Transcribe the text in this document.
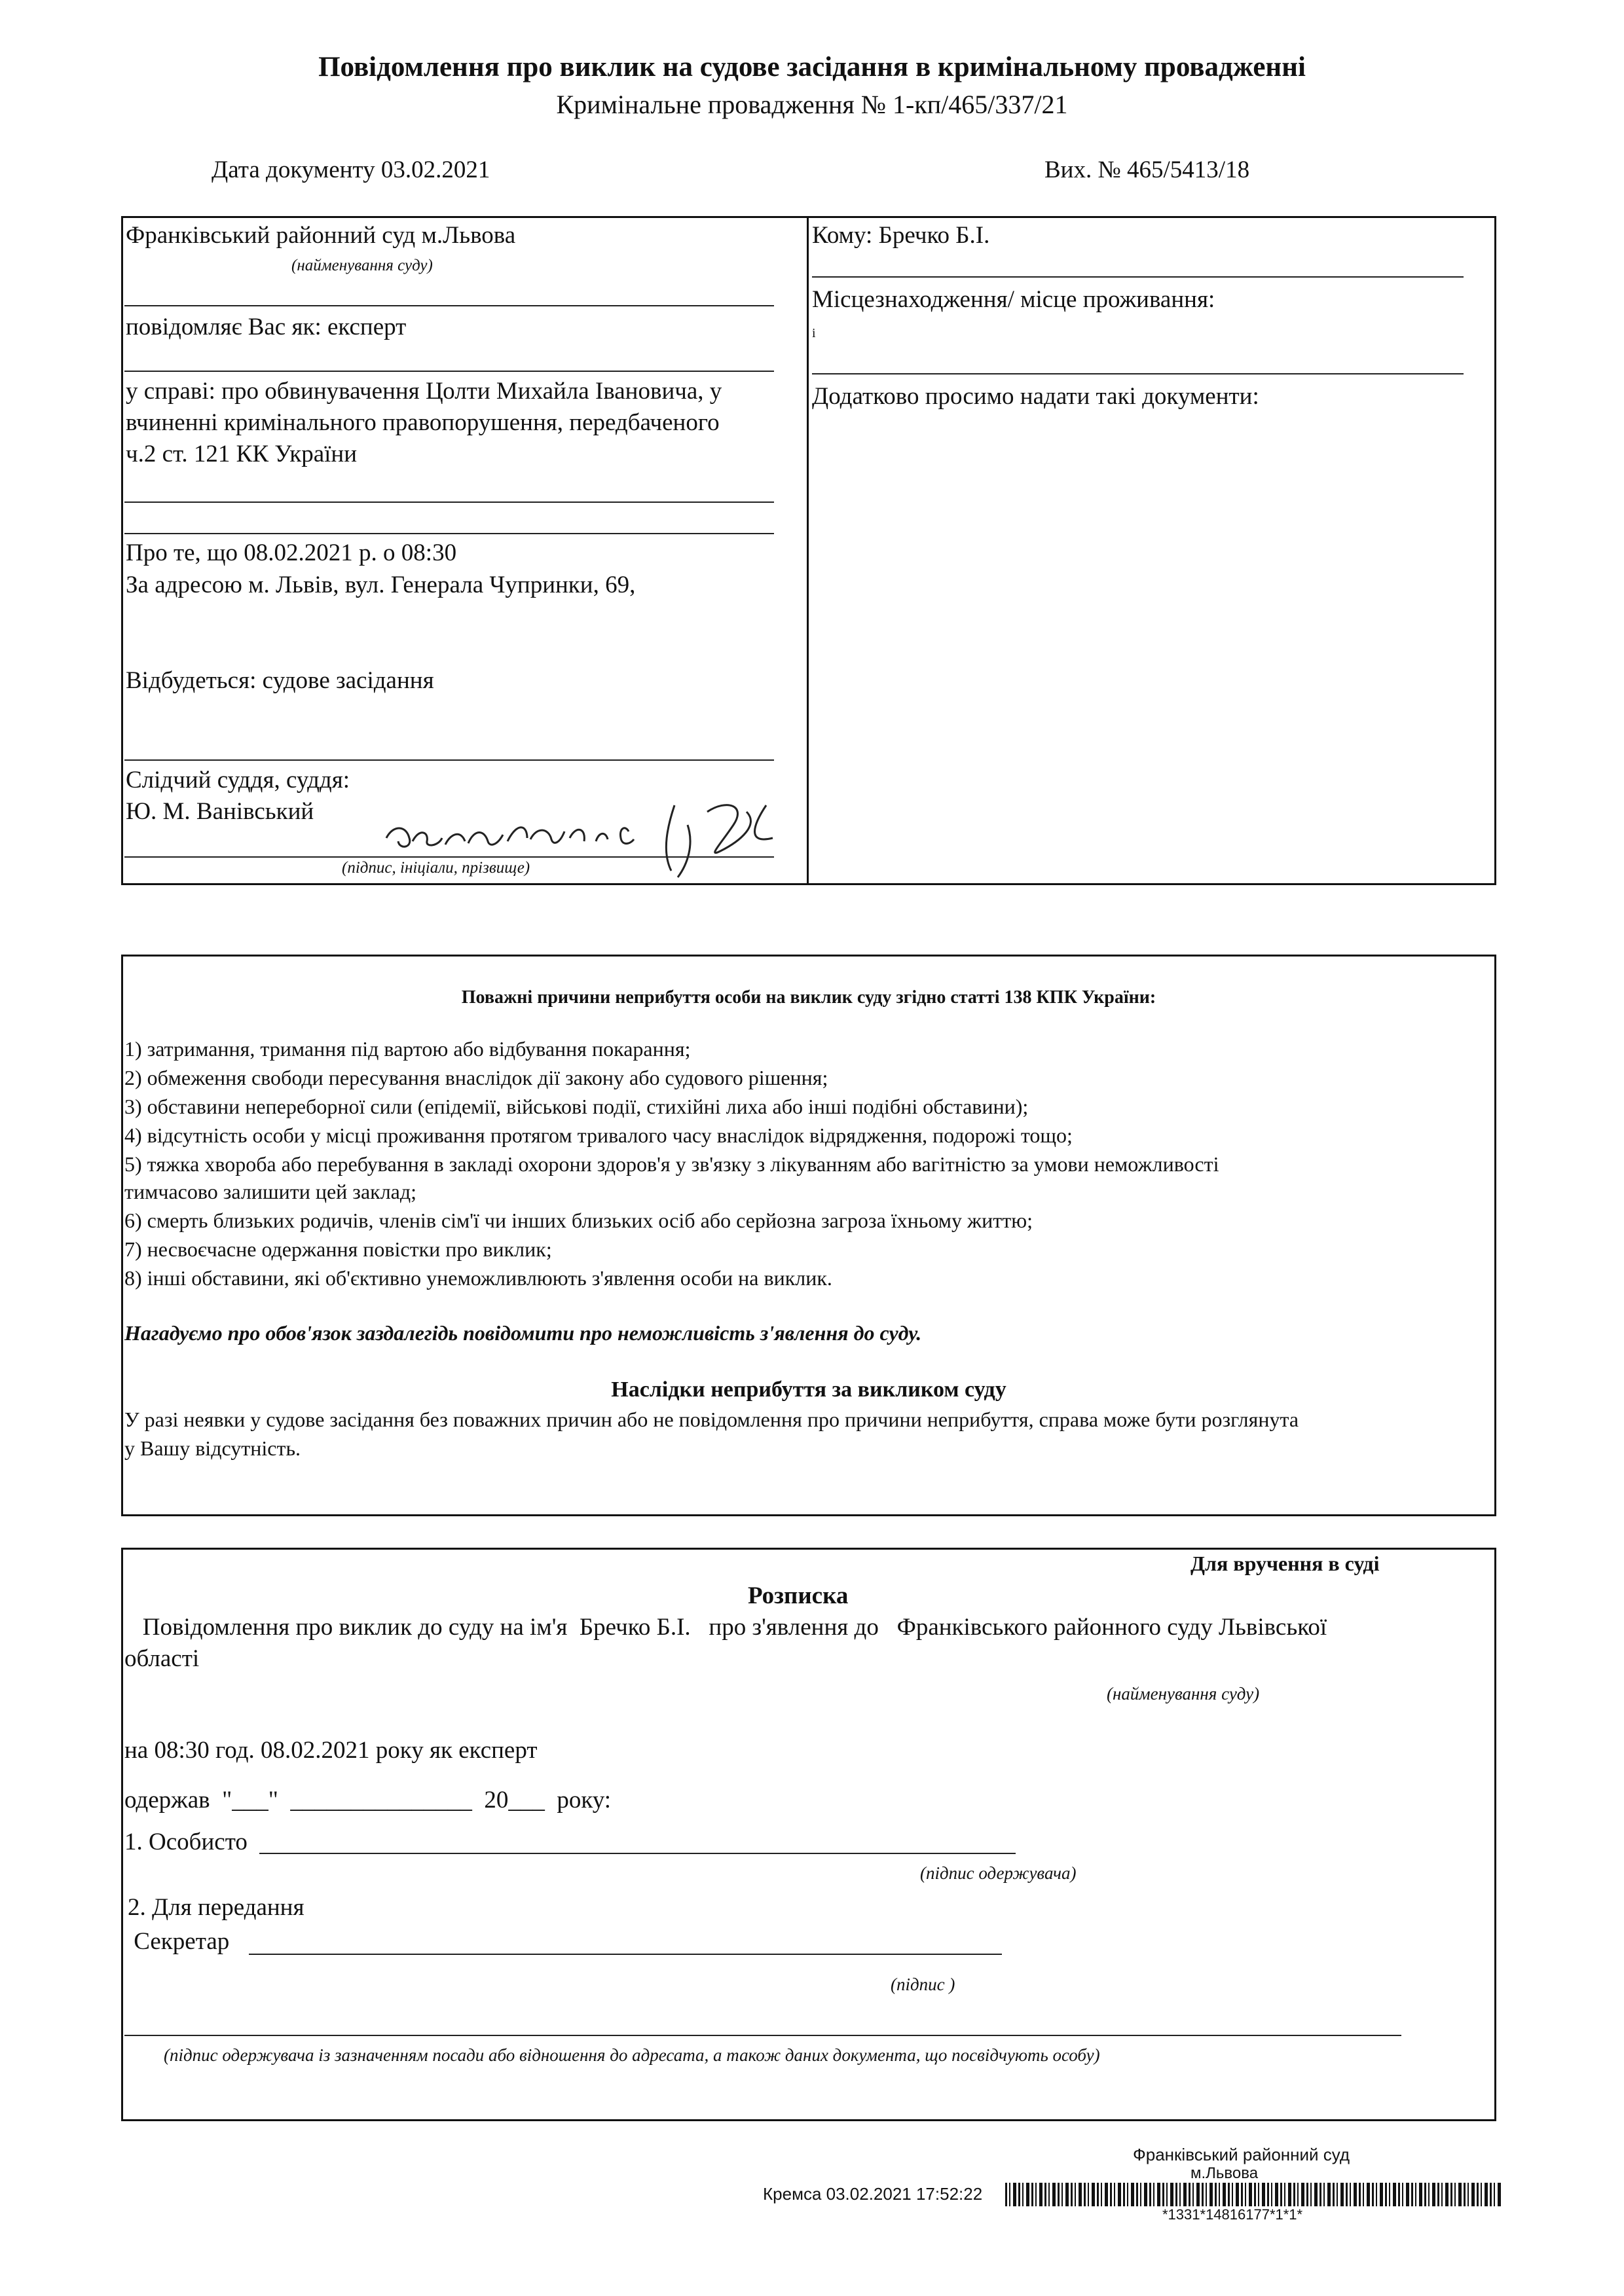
Повідомлення про виклик на судове засідання в кримінальному провадженні
Кримінальне провадження № 1-кп/465/337/21
Дата документу 03.02.2021	Вих. № 465/5413/18
Франківський районний суд м.Львова
(найменування суду)
повідомляє Вас як: експерт
у справі: про обвинувачення Цолти Михайла Івановича, у
вчиненні кримінального правопорушення, передбаченого
ч.2 ст. 121 КК України
Про те, що 08.02.2021 р. о 08:30
За адресою м. Львів, вул. Генерала Чупринки, 69,
Відбудеться: судове засідання
Слідчий суддя, суддя:
Ю. М. Ванівський
(підпис, ініціали, прізвище)
Кому: Бречко Б.І.
Місцезнаходження/ місце проживання:
і
Додатково просимо надати такі документи:
Поважні причини неприбуття особи на виклик суду згідно статті 138 КПК України:
1) затримання, тримання під вартою або відбування покарання;
2) обмеження свободи пересування внаслідок дії закону або судового рішення;
3) обставини непереборної сили (епідемії, військові події, стихійні лиха або інші подібні обставини);
4) відсутність особи у місці проживання протягом тривалого часу внаслідок відрядження, подорожі тощо;
5) тяжка хвороба або перебування в закладі охорони здоров'я у зв'язку з лікуванням або вагітністю за умови неможливості
тимчасово залишити цей заклад;
6) смерть близьких родичів, членів сім'ї чи інших близьких осіб або серйозна загроза їхньому життю;
7) несвоєчасне одержання повістки про виклик;
8) інші обставини, які об'єктивно унеможливлюють з'явлення особи на виклик.
Нагадуємо про обов'язок заздалегідь повідомити про неможливість з'явлення до суду.
Наслідки неприбуття за викликом суду
У разі неявки у судове засідання без поважних причин або не повідомлення про причини неприбуття, справа може бути розглянута
у Вашу відсутність.
Для вручення в суді
Розписка
Повідомлення про виклик до суду на ім'я  Бречко Б.І.   про з'явлення до   Франківського районного суду Львівської
області
(найменування суду)
на 08:30 год. 08.02.2021 року як експерт
одержав  "___"  _______________  20___  року:
1. Особисто
(підпис одержувача)
2. Для передання
Секретар
(підпис )
(підпис одержувача із зазначенням посади або відношення до адресата, а також даних документа, що посвідчують особу)
Франківський районний суд
м.Львова
Кремса 03.02.2021 17:52:22
*1331*14816177*1*1*
